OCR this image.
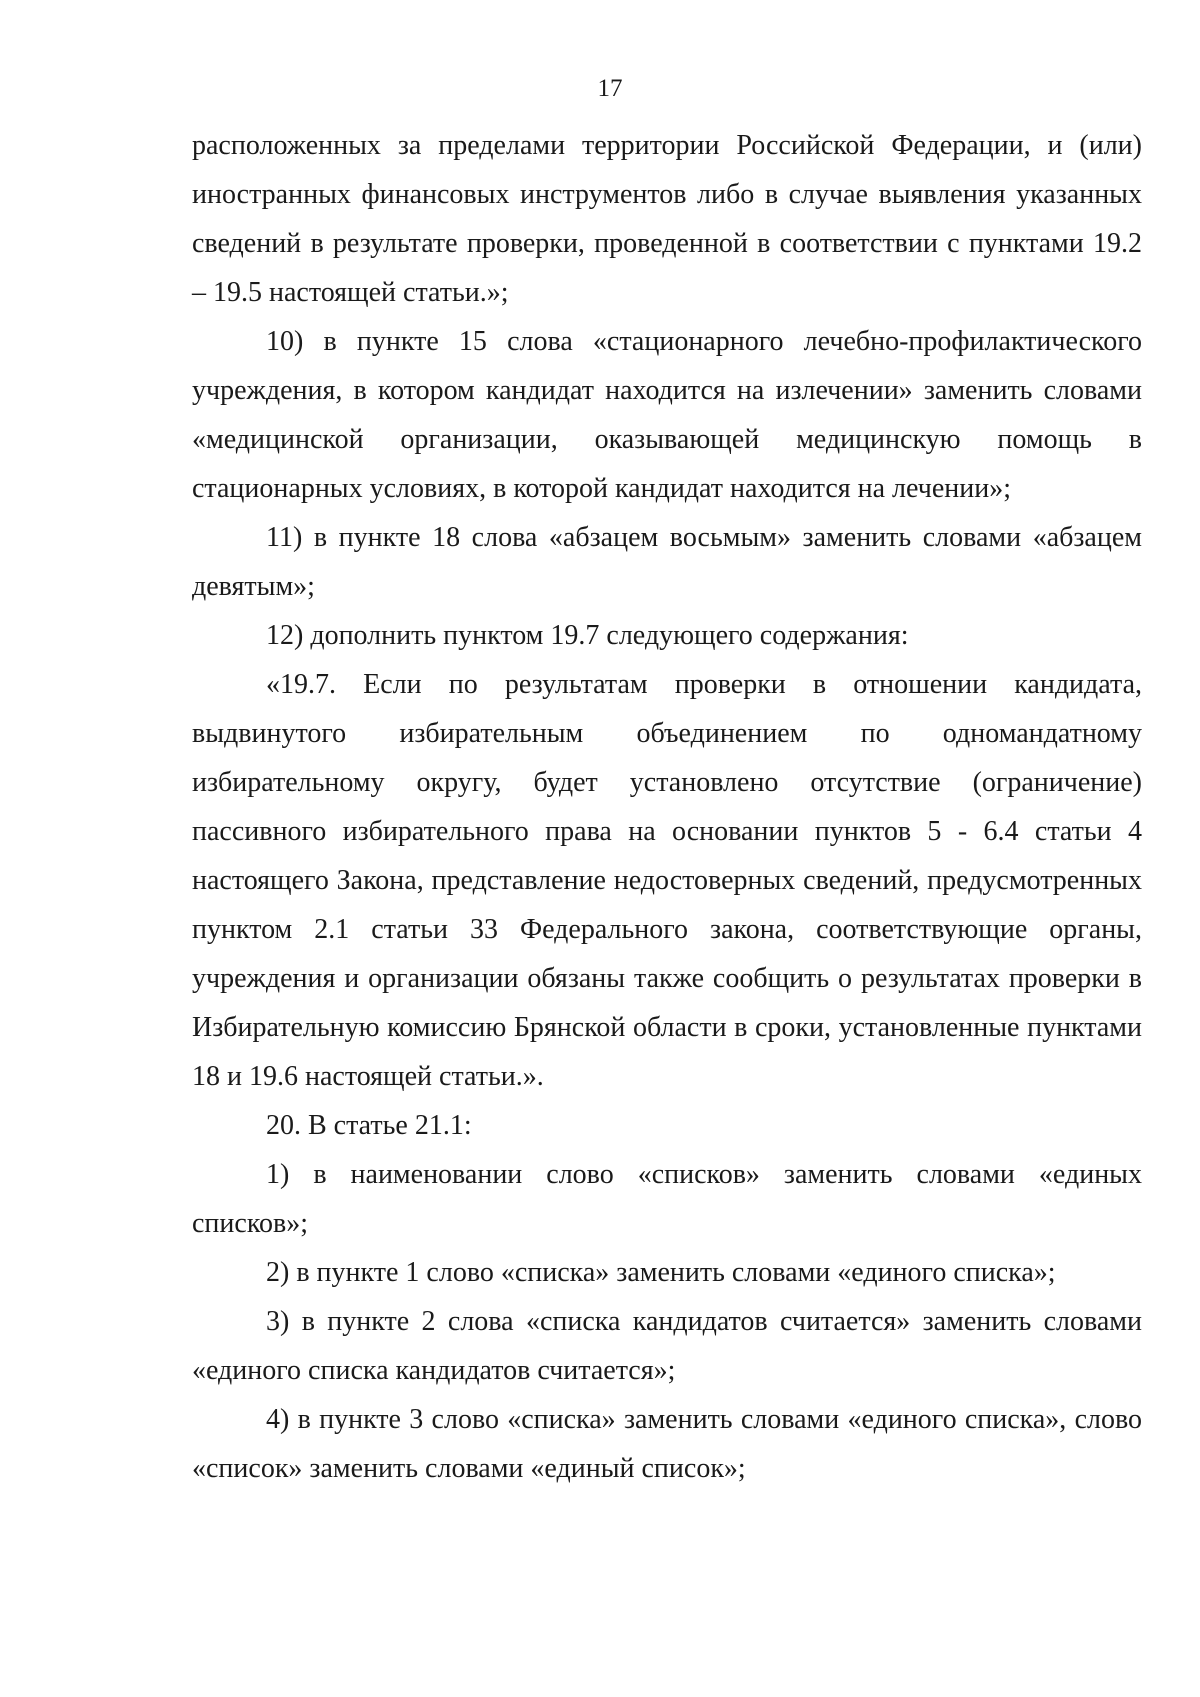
17

расположенных за пределами территории Российской Федерации, и (или) иностранных финансовых инструментов либо в случае выявления указанных сведений в результате проверки, проведенной в соответствии с пунктами 19.2 – 19.5 настоящей статьи.»;

10) в пункте 15 слова «стационарного лечебно-профилактического учреждения, в котором кандидат находится на излечении» заменить словами «медицинской организации, оказывающей медицинскую помощь в стационарных условиях, в которой кандидат находится на лечении»;

11) в пункте 18 слова «абзацем восьмым» заменить словами «абзацем девятым»;

12) дополнить пунктом 19.7 следующего содержания:

«19.7. Если по результатам проверки в отношении кандидата, выдвинутого избирательным объединением по одномандатному избирательному округу, будет установлено отсутствие (ограничение) пассивного избирательного права на основании пунктов 5 - 6.4 статьи 4 настоящего Закона, представление недостоверных сведений, предусмотренных пунктом 2.1 статьи 33 Федерального закона, соответствующие органы, учреждения и организации обязаны также сообщить о результатах проверки в Избирательную комиссию Брянской области в сроки, установленные пунктами 18 и 19.6 настоящей статьи.».

20. В статье 21.1:

1) в наименовании слово «списков» заменить словами «единых списков»;

2) в пункте 1 слово «списка» заменить словами «единого списка»;

3) в пункте 2 слова «списка кандидатов считается» заменить словами «единого списка кандидатов считается»;

4) в пункте 3 слово «списка» заменить словами «единого списка», слово «список» заменить словами «единый список»;
